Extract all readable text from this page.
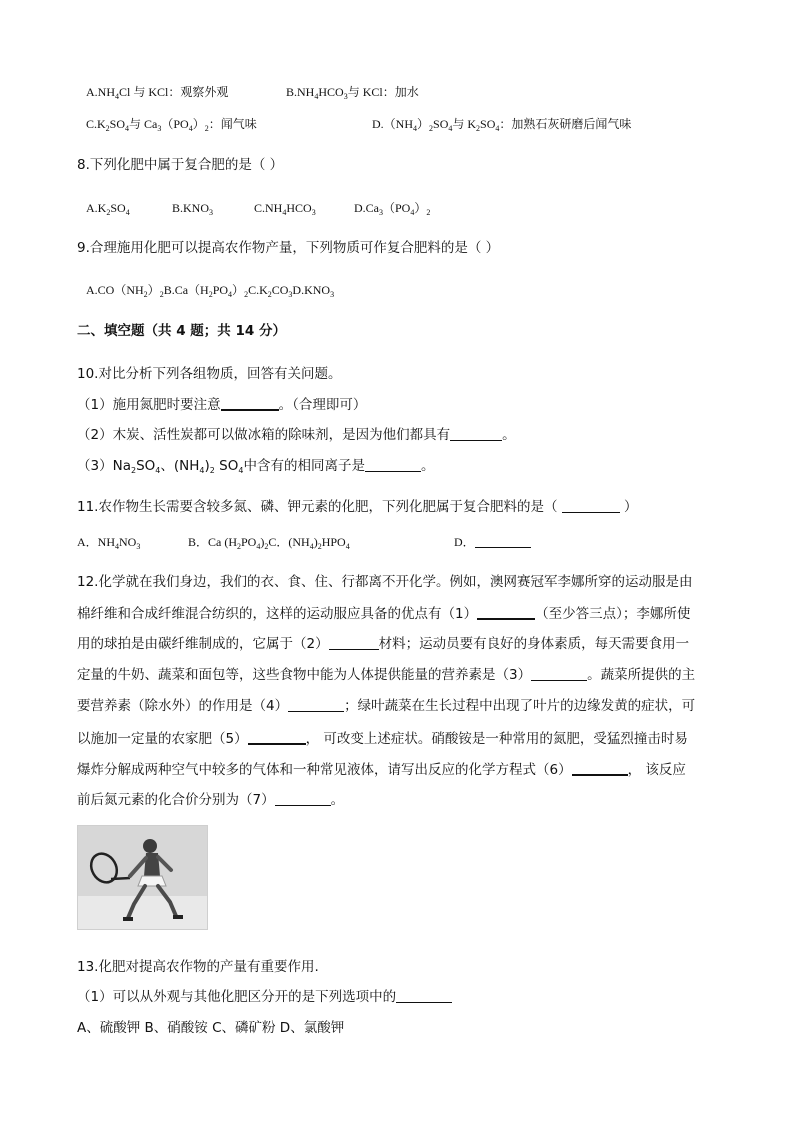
$A.NH_4Cl$ 与 KCl：观察外观	$B.NH_4HCO_3$与 KCl：加水
$C.K_2SO_4$与 $Ca_3(PO_4)_2$：闻气味	$D.(NH_4)_2SO_4$与 $K_2SO_4$：加熟石灰研磨后闻气味
8.下列化肥中属于复合肥的是（ ）
$A.K_2SO_4$	$B.KNO_3$	$C.NH_4HCO_3$	$D.Ca_3(PO_4)_2$
9.合理施用化肥可以提高农作物产量，下列物质可作复合肥料的是（ ）
$A.CO(NH_2)_2B.Ca(H_2PO_4)_2C.K_2CO_3D.KNO_3$
二、填空题（共 4 题；共 14 分）
10.对比分析下列各组物质，回答有关问题。
（1）施用氮肥时要注意	。（合理即可）
（2）木炭、活性炭都可以做冰箱的除味剂，是因为他们都具有	。
$(3)Na_2SO_4$、$(NH_4)_2$ $SO_4$中含有的相同离子是	。
11.农作物生长需要含较多氮、磷、钾元素的化肥，下列化肥属于复合肥料的是（	）
A．$NH_4NO_3$	B．Ca $(H_2PO_4)_2C$．$(NH_4)_2HPO_4$	D．
12.化学就在我们身边，我们的衣、食、住、行都离不开化学。例如，澳网赛冠军李娜所穿的运动服是由
棉纤维和合成纤维混合纺织的，这样的运动服应具备的优点有（1）	（至少答三点）；李娜所使
用的球拍是由碳纤维制成的，它属于（2）	材料；运动员要有良好的身体素质，每天需要食用一
定量的牛奶、蔬菜和面包等，这些食物中能为人体提供能量的营养素是（3）	。蔬菜所提供的主
要营养素（除水外）的作用是（4）	；绿叶蔬菜在生长过程中出现了叶片的边缘发黄的症状，可
以施加一定量的农家肥（5）	， 可改变上述症状。硝酸铵是一种常用的氮肥，受猛烈撞击时易
爆炸分解成两种空气中较多的气体和一种常见液体，请写出反应的化学方程式（6）	， 该反应
前后氮元素的化合价分别为（7）	。
13.化肥对提高农作物的产量有重要作用.
（1）可以从外观与其他化肥区分开的是下列选项中的
A、硫酸钾 B、硝酸铵 C、磷矿粉 D、氯酸钾
